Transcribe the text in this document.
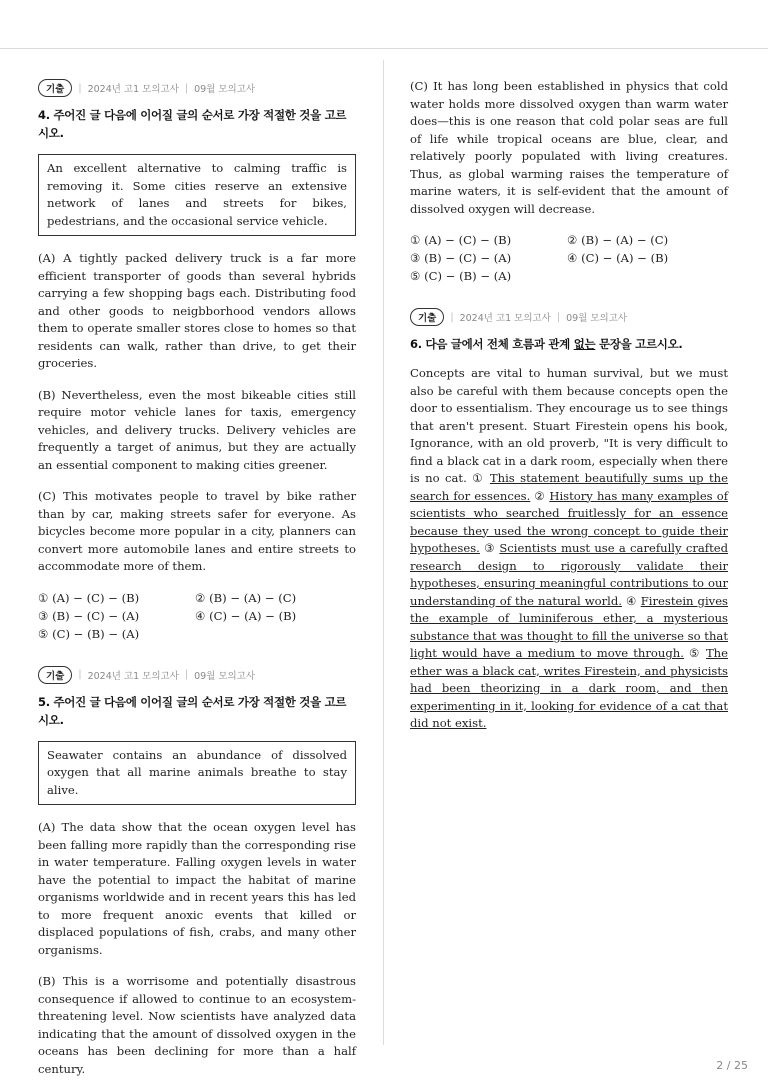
기출	| 2024년 고1 모의고사 | 09월 모의고사
4. 주어진 글 다음에 이어질 글의 순서로 가장 적절한 것을 고르시오.
An excellent alternative to calming traffic is removing it. Some cities reserve an extensive network of lanes and streets for bikes, pedestrians, and the occasional service vehicle.

(A) A tightly packed delivery truck is a far more efficient transporter of goods than several hybrids carrying a few shopping bags each. Distributing food and other goods to neigbborhood vendors allows them to operate smaller stores close to homes so that residents can walk, rather than drive, to get their groceries.

(B) Nevertheless, even the most bikeable cities still require motor vehicle lanes for taxis, emergency vehicles, and delivery trucks. Delivery vehicles are frequently a target of animus, but they are actually an essential component to making cities greener.

(C) This motivates people to travel by bike rather than by car, making streets safer for everyone. As bicycles become more popular in a city, planners can convert more automobile lanes and entire streets to accommodate more of them.

① (A) − (C) − (B)	② (B) − (A) − (C)
③ (B) − (C) − (A)	④ (C) − (A) − (B)
⑤ (C) − (B) − (A)
기출	| 2024년 고1 모의고사 | 09월 모의고사
5. 주어진 글 다음에 이어질 글의 순서로 가장 적절한 것을 고르시오.
Seawater contains an abundance of dissolved oxygen that all marine animals breathe to stay alive.

(A) The data show that the ocean oxygen level has been falling more rapidly than the corresponding rise in water temperature. Falling oxygen levels in water have the potential to impact the habitat of marine organisms worldwide and in recent years this has led to more frequent anoxic events that killed or displaced populations of fish, crabs, and many other organisms.

(B) This is a worrisome and potentially disastrous consequence if allowed to continue to an ecosystem-threatening level. Now scientists have analyzed data indicating that the amount of dissolved oxygen in the oceans has been declining for more than a half century.

(C) It has long been established in physics that cold water holds more dissolved oxygen than warm water does—this is one reason that cold polar seas are full of life while tropical oceans are blue, clear, and relatively poorly populated with living creatures. Thus, as global warming raises the temperature of marine waters, it is self-evident that the amount of dissolved oxygen will decrease.

① (A) − (C) − (B)	② (B) − (A) − (C)
③ (B) − (C) − (A)	④ (C) − (A) − (B)
⑤ (C) − (B) − (A)
기출	| 2024년 고1 모의고사 | 09월 모의고사
6. 다음 글에서 전체 흐름과 관계 없는 문장을 고르시오.

Concepts are vital to human survival, but we must also be careful with them because concepts open the door to essentialism. They encourage us to see things that aren't present. Stuart Firestein opens his book, Ignorance, with an old proverb, "It is very difficult to find a black cat in a dark room, especially when there is no cat. ① This statement beautifully sums up the search for essences. ② History has many examples of scientists who searched fruitlessly for an essence because they used the wrong concept to guide their hypotheses. ③ Scientists must use a carefully crafted research design to rigorously validate their hypotheses, ensuring meaningful contributions to our understanding of the natural world. ④ Firestein gives the example of luminiferous ether, a mysterious substance that was thought to fill the universe so that light would have a medium to move through. ⑤ The ether was a black cat, writes Firestein, and physicists had been theorizing in a dark room, and then experimenting in it, looking for evidence of a cat that did not exist.

2 / 25
